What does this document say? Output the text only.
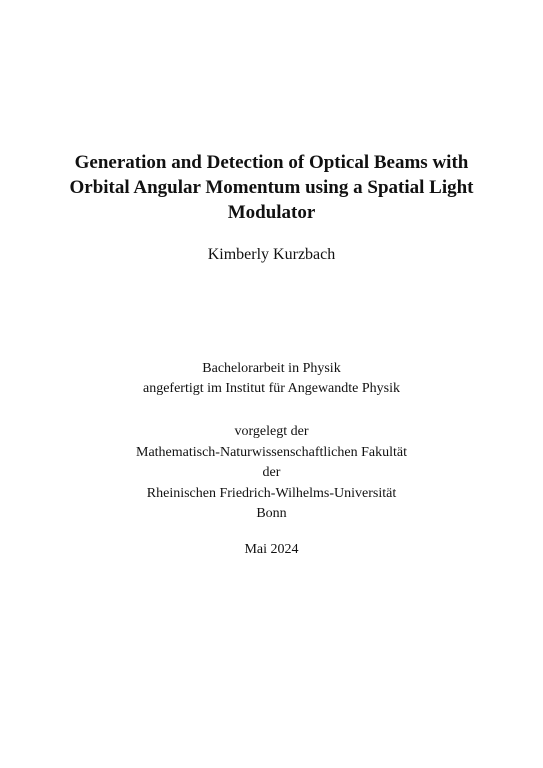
Generation and Detection of Optical Beams with
Orbital Angular Momentum using a Spatial Light
Modulator
Kimberly Kurzbach
Bachelorarbeit in Physik
angefertigt im Institut für Angewandte Physik
vorgelegt der
Mathematisch-Naturwissenschaftlichen Fakultät
der
Rheinischen Friedrich-Wilhelms-Universität
Bonn
Mai 2024
